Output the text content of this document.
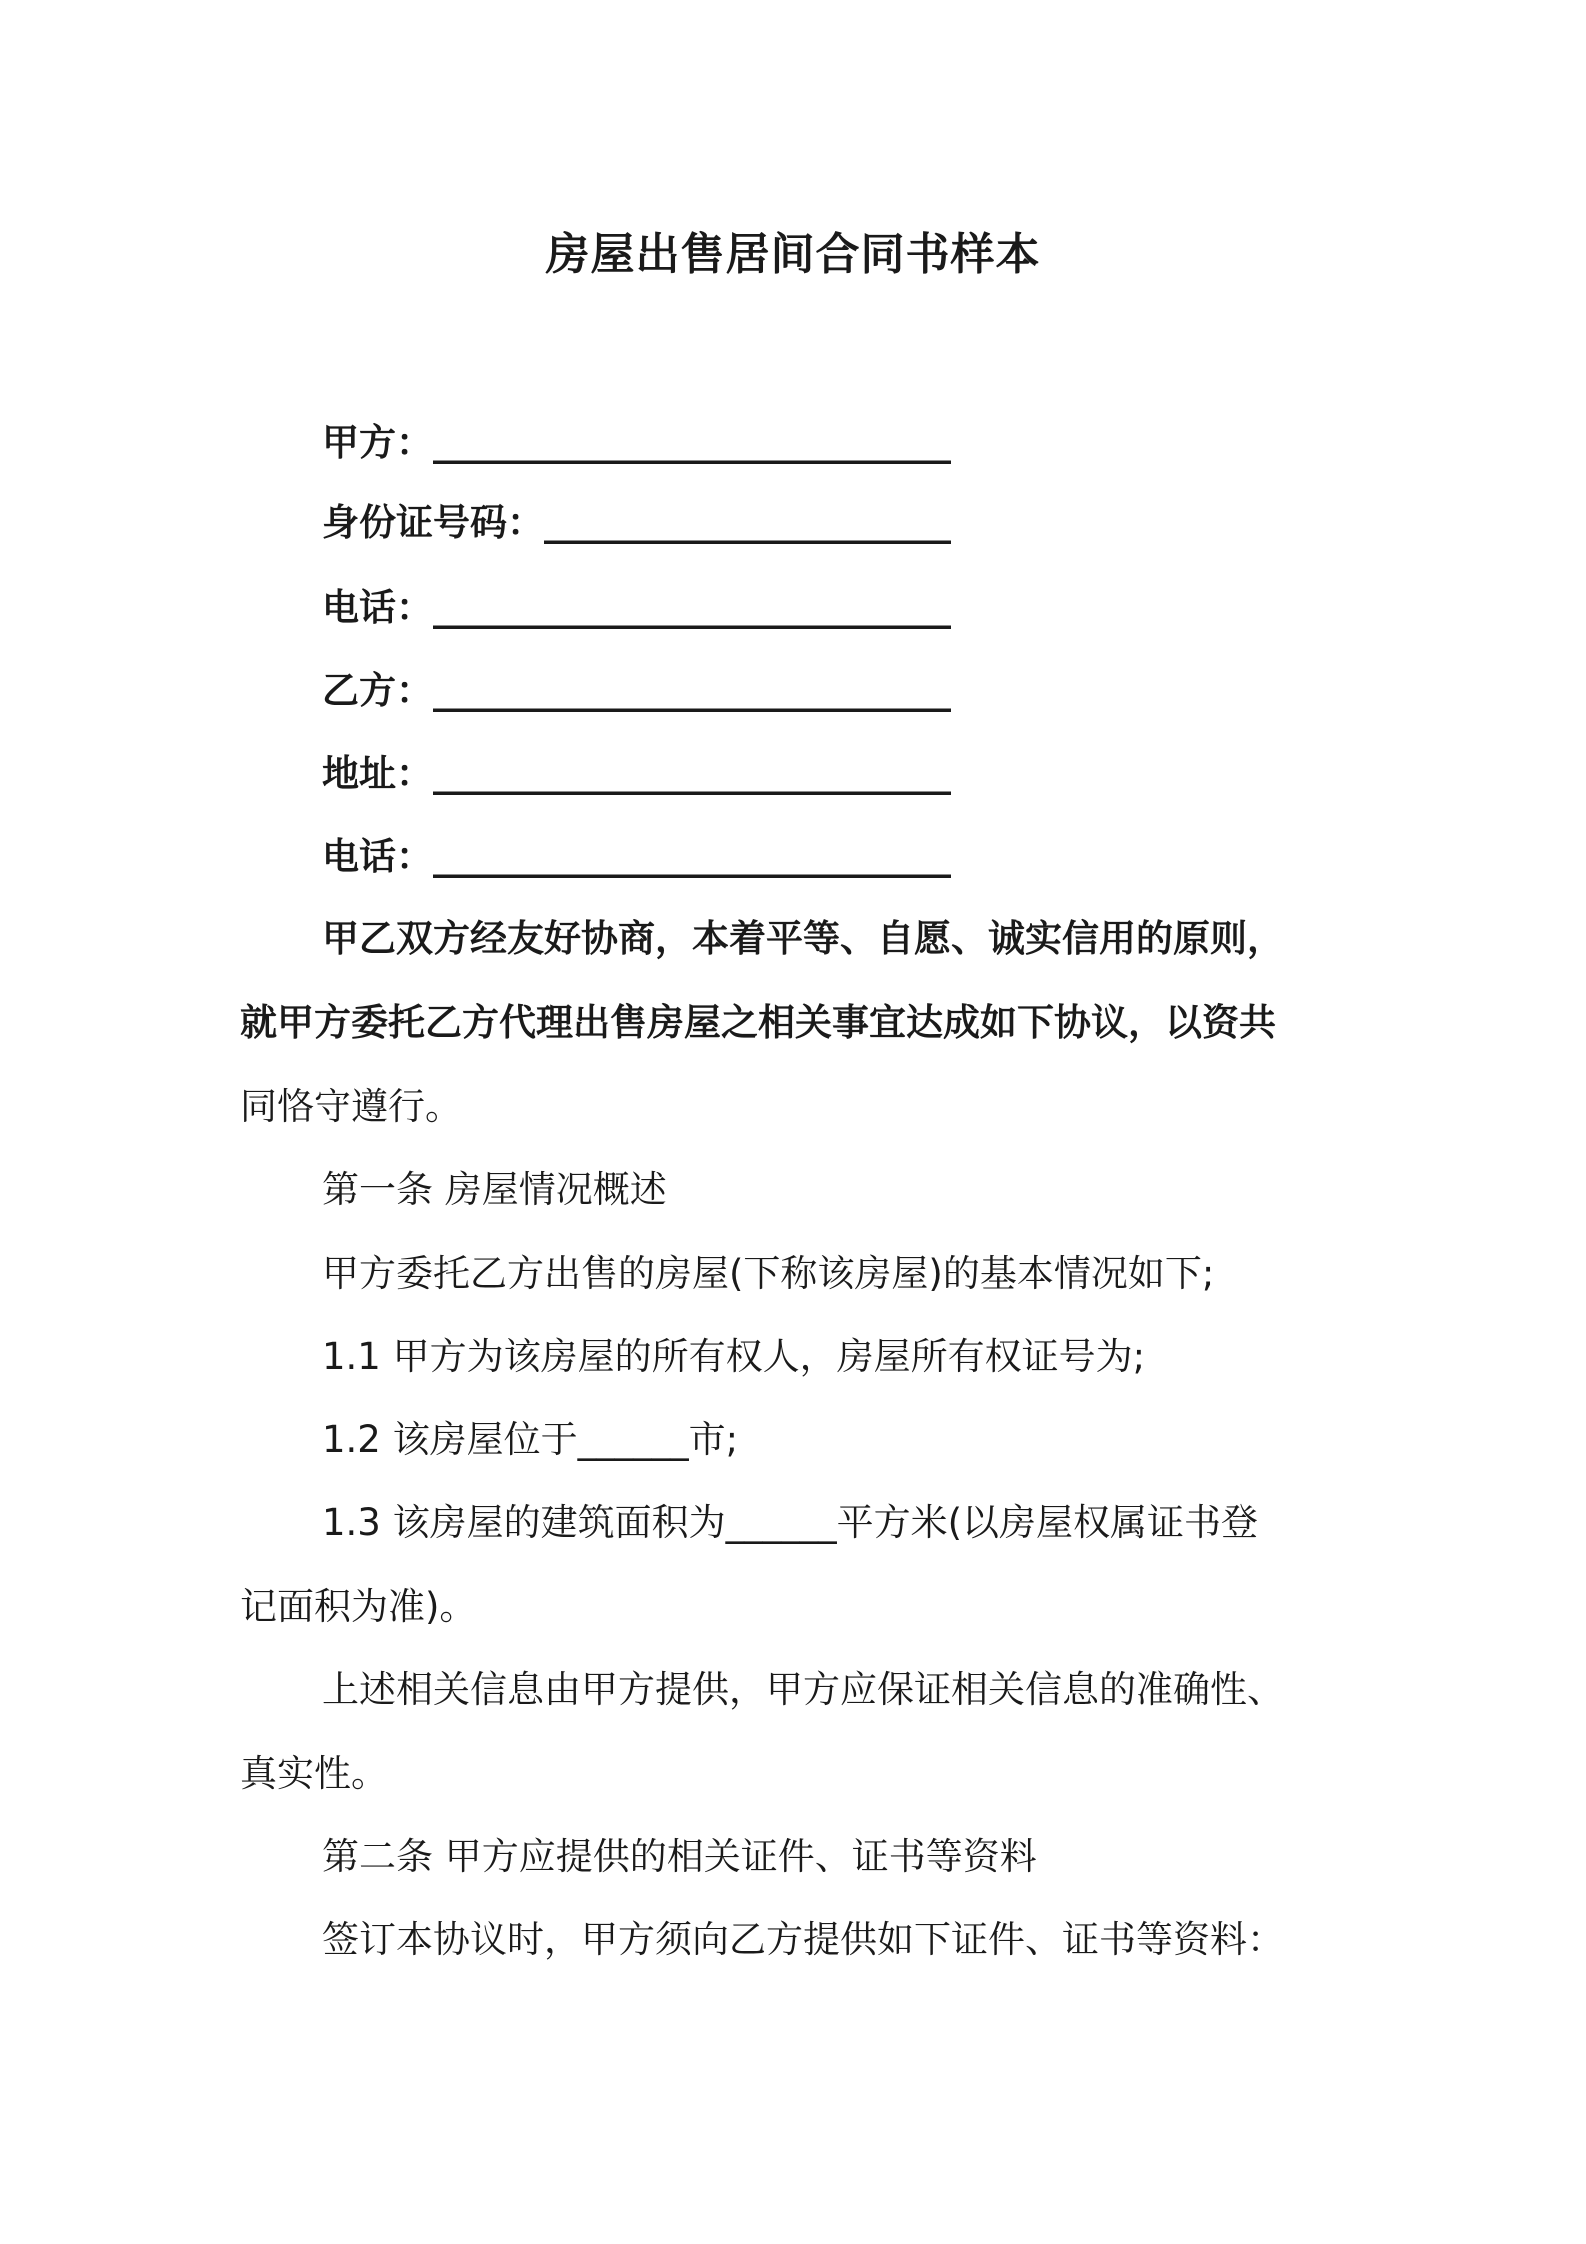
房屋出售居间合同书样本
甲方：____________________________
身份证号码：______________________
电话：____________________________
乙方：____________________________
地址：____________________________
电话：____________________________
甲乙双方经友好协商，本着平等、自愿、诚实信用的原则，
就甲方委托乙方代理出售房屋之相关事宜达成如下协议，以资共
同恪守遵行。
第一条 房屋情况概述
甲方委托乙方出售的房屋(下称该房屋)的基本情况如下;
1.1 甲方为该房屋的所有权人，房屋所有权证号为;
1.2 该房屋位于______市;
1.3 该房屋的建筑面积为______平方米(以房屋权属证书登
记面积为准)。
上述相关信息由甲方提供，甲方应保证相关信息的准确性、
真实性。
第二条 甲方应提供的相关证件、证书等资料
签订本协议时，甲方须向乙方提供如下证件、证书等资料：
